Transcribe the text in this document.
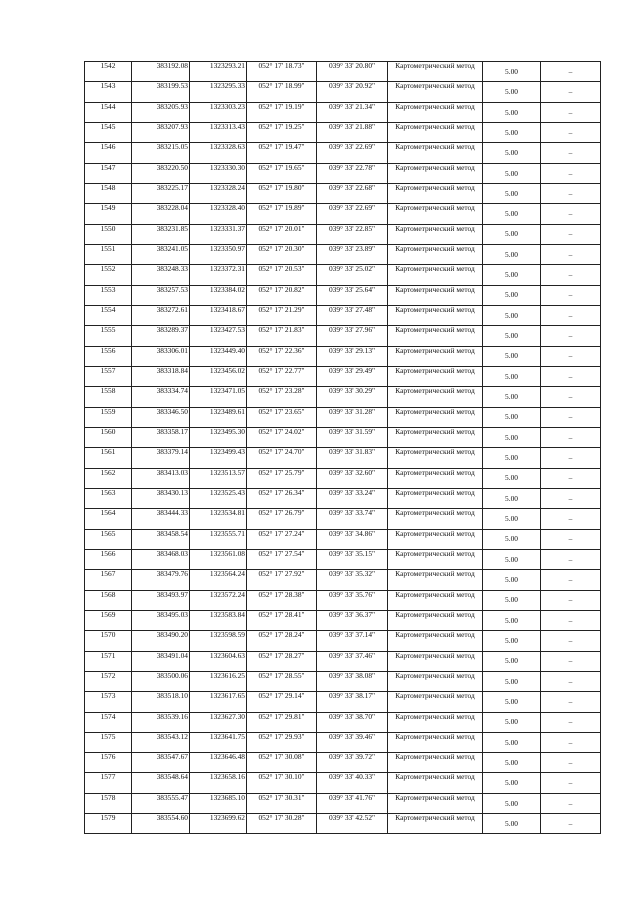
1542	383192.08	1323293.21	052° 17' 18.73"	039° 33' 20.80"	Картометрический метод	5.00	–
1543	383199.53	1323295.33	052° 17' 18.99"	039° 33' 20.92"	Картометрический метод	5.00	–
1544	383205.93	1323303.23	052° 17' 19.19"	039° 33' 21.34"	Картометрический метод	5.00	–
1545	383207.93	1323313.43	052° 17' 19.25"	039° 33' 21.88"	Картометрический метод	5.00	–
1546	383215.05	1323328.63	052° 17' 19.47"	039° 33' 22.69"	Картометрический метод	5.00	–
1547	383220.50	1323330.30	052° 17' 19.65"	039° 33' 22.78"	Картометрический метод	5.00	–
1548	383225.17	1323328.24	052° 17' 19.80"	039° 33' 22.68"	Картометрический метод	5.00	–
1549	383228.04	1323328.40	052° 17' 19.89"	039° 33' 22.69"	Картометрический метод	5.00	–
1550	383231.85	1323331.37	052° 17' 20.01"	039° 33' 22.85"	Картометрический метод	5.00	–
1551	383241.05	1323350.97	052° 17' 20.30"	039° 33' 23.89"	Картометрический метод	5.00	–
1552	383248.33	1323372.31	052° 17' 20.53"	039° 33' 25.02"	Картометрический метод	5.00	–
1553	383257.53	1323384.02	052° 17' 20.82"	039° 33' 25.64"	Картометрический метод	5.00	–
1554	383272.61	1323418.67	052° 17' 21.29"	039° 33' 27.48"	Картометрический метод	5.00	–
1555	383289.37	1323427.53	052° 17' 21.83"	039° 33' 27.96"	Картометрический метод	5.00	–
1556	383306.01	1323449.40	052° 17' 22.36"	039° 33' 29.13"	Картометрический метод	5.00	–
1557	383318.84	1323456.02	052° 17' 22.77"	039° 33' 29.49"	Картометрический метод	5.00	–
1558	383334.74	1323471.05	052° 17' 23.28"	039° 33' 30.29"	Картометрический метод	5.00	–
1559	383346.50	1323489.61	052° 17' 23.65"	039° 33' 31.28"	Картометрический метод	5.00	–
1560	383358.17	1323495.30	052° 17' 24.02"	039° 33' 31.59"	Картометрический метод	5.00	–
1561	383379.14	1323499.43	052° 17' 24.70"	039° 33' 31.83"	Картометрический метод	5.00	–
1562	383413.03	1323513.57	052° 17' 25.79"	039° 33' 32.60"	Картометрический метод	5.00	–
1563	383430.13	1323525.43	052° 17' 26.34"	039° 33' 33.24"	Картометрический метод	5.00	–
1564	383444.33	1323534.81	052° 17' 26.79"	039° 33' 33.74"	Картометрический метод	5.00	–
1565	383458.54	1323555.71	052° 17' 27.24"	039° 33' 34.86"	Картометрический метод	5.00	–
1566	383468.03	1323561.08	052° 17' 27.54"	039° 33' 35.15"	Картометрический метод	5.00	–
1567	383479.76	1323564.24	052° 17' 27.92"	039° 33' 35.32"	Картометрический метод	5.00	–
1568	383493.97	1323572.24	052° 17' 28.38"	039° 33' 35.76"	Картометрический метод	5.00	–
1569	383495.03	1323583.84	052° 17' 28.41"	039° 33' 36.37"	Картометрический метод	5.00	–
1570	383490.20	1323598.59	052° 17' 28.24"	039° 33' 37.14"	Картометрический метод	5.00	–
1571	383491.04	1323604.63	052° 17' 28.27"	039° 33' 37.46"	Картометрический метод	5.00	–
1572	383500.06	1323616.25	052° 17' 28.55"	039° 33' 38.08"	Картометрический метод	5.00	–
1573	383518.10	1323617.65	052° 17' 29.14"	039° 33' 38.17"	Картометрический метод	5.00	–
1574	383539.16	1323627.30	052° 17' 29.81"	039° 33' 38.70"	Картометрический метод	5.00	–
1575	383543.12	1323641.75	052° 17' 29.93"	039° 33' 39.46"	Картометрический метод	5.00	–
1576	383547.67	1323646.48	052° 17' 30.08"	039° 33' 39.72"	Картометрический метод	5.00	–
1577	383548.64	1323658.16	052° 17' 30.10"	039° 33' 40.33"	Картометрический метод	5.00	–
1578	383555.47	1323685.10	052° 17' 30.31"	039° 33' 41.76"	Картометрический метод	5.00	–
1579	383554.60	1323699.62	052° 17' 30.28"	039° 33' 42.52"	Картометрический метод	5.00	–
